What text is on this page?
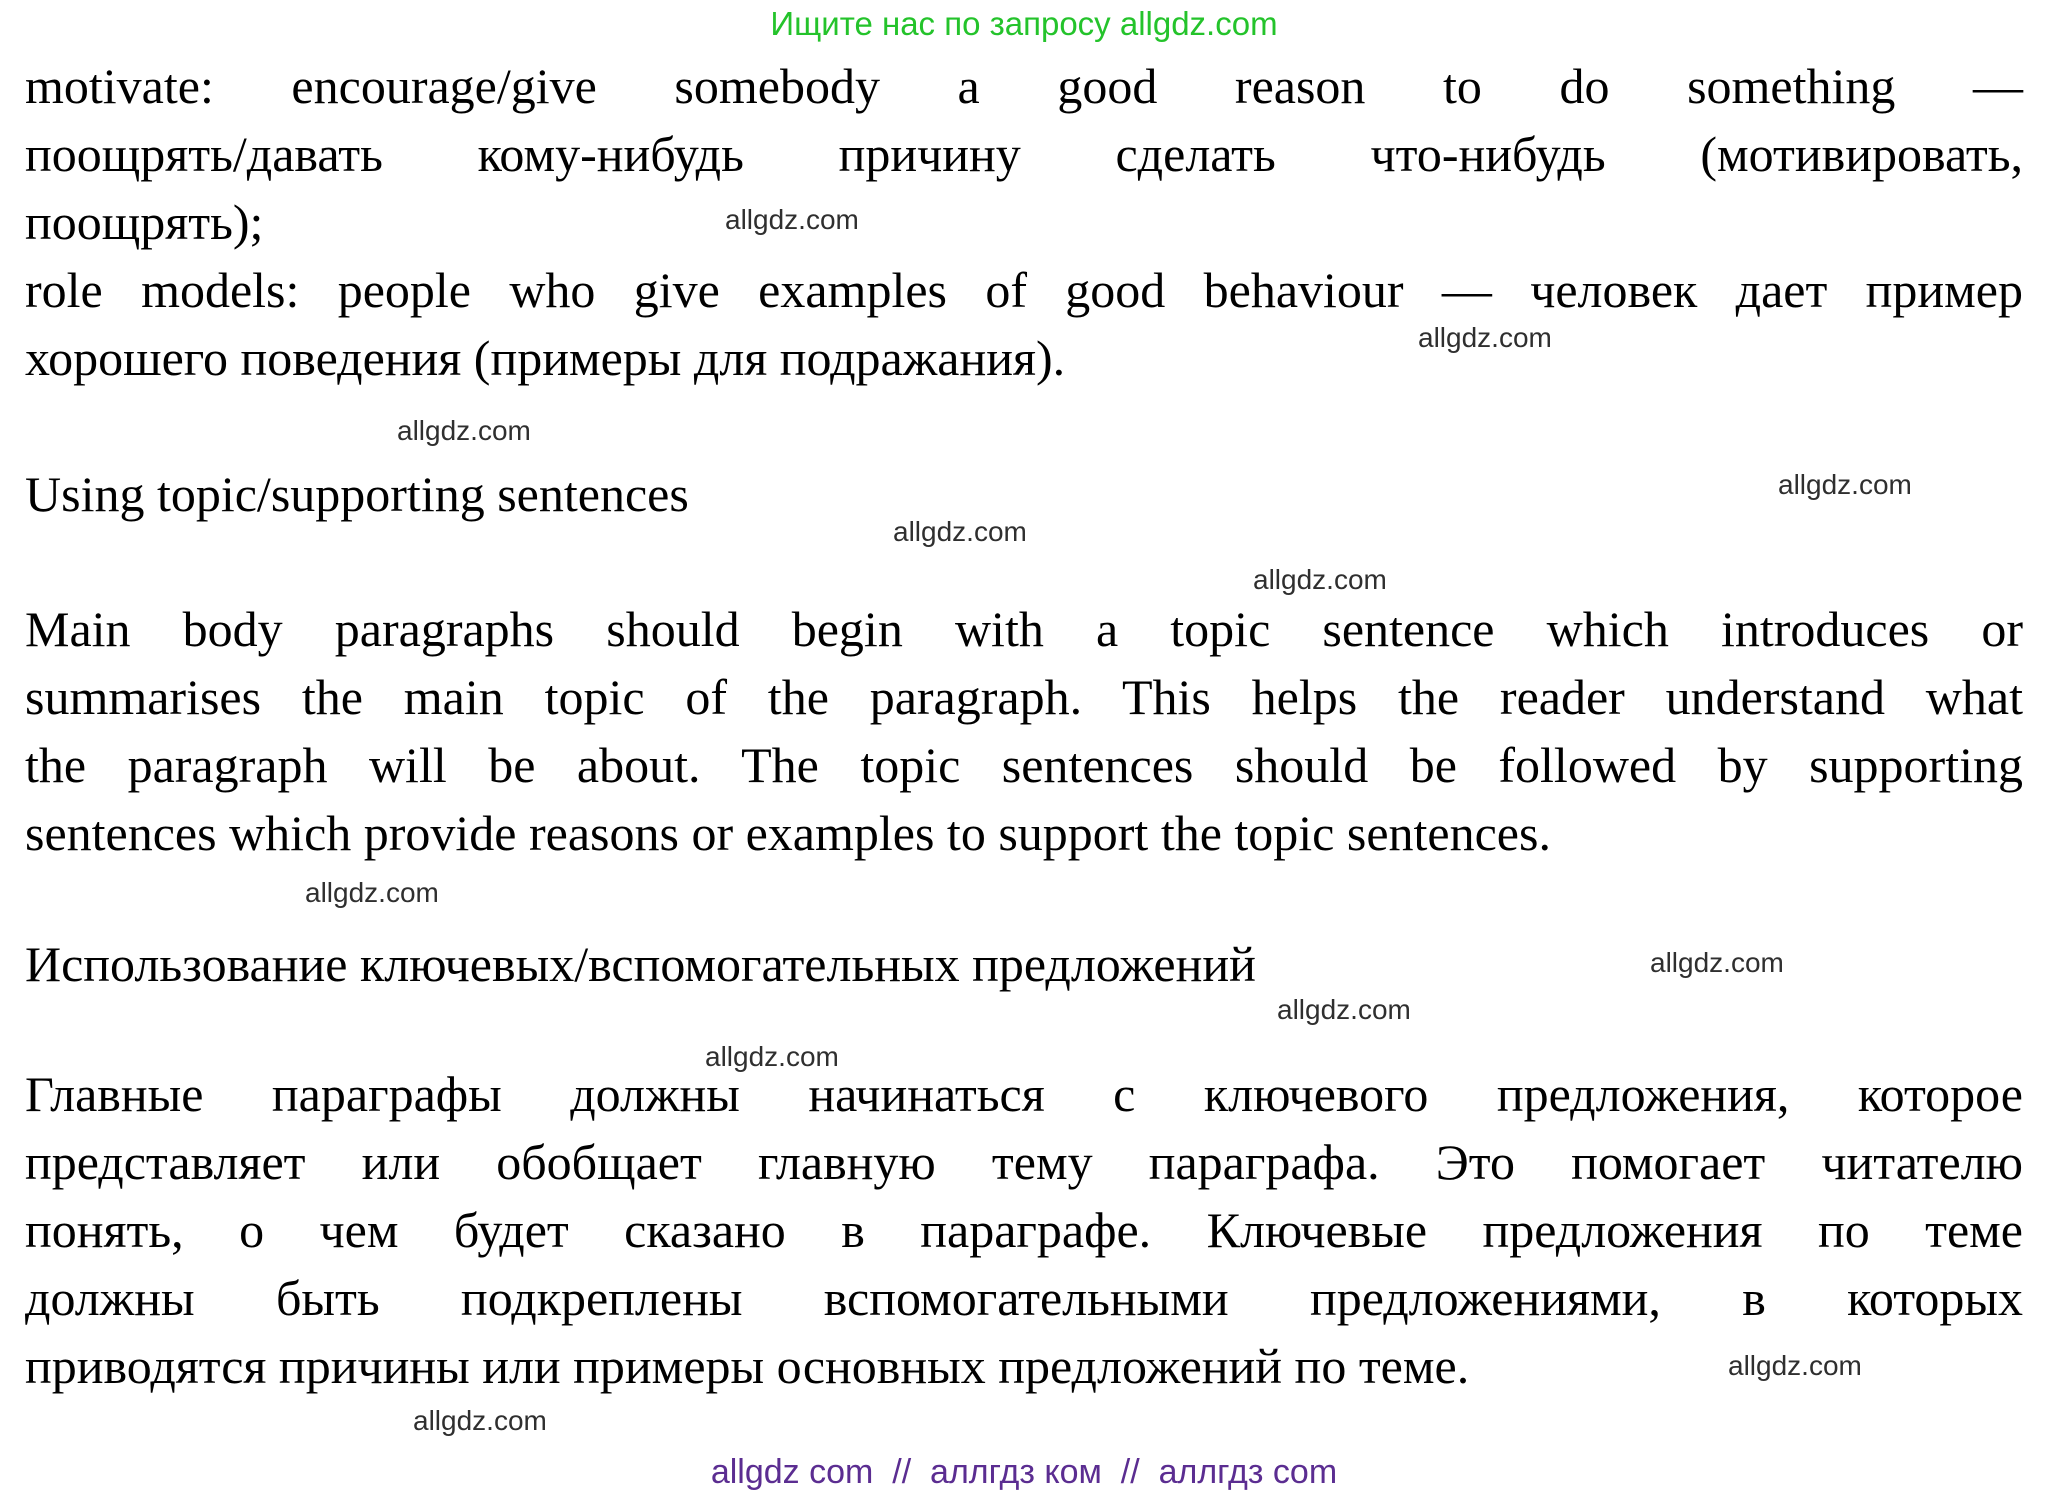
Ищите нас по запросу allgdz.com
motivate: encourage/give somebody a good reason to do something —
поощрять/давать кому-нибудь причину сделать что-нибудь (мотивировать,
поощрять);
role models: people who give examples of good behaviour — человек дает пример
хорошего поведения (примеры для подражания).
Using topic/supporting sentences
Main body paragraphs should begin with a topic sentence which introduces or
summarises the main topic of the paragraph. This helps the reader understand what
the paragraph will be about. The topic sentences should be followed by supporting
sentences which provide reasons or examples to support the topic sentences.
Использование ключевых/вспомогательных предложений
Главные параграфы должны начинаться с ключевого предложения, которое
представляет или обобщает главную тему параграфа. Это помогает читателю
понять, о чем будет сказано в параграфе. Ключевые предложения по теме
должны быть подкреплены вспомогательными предложениями, в которых
приводятся причины или примеры основных предложений по теме.
allgdz.com
allgdz.com
allgdz.com
allgdz.com
allgdz.com
allgdz.com
allgdz.com
allgdz.com
allgdz.com
allgdz.com
allgdz.com
allgdz.com
allgdz com  //  аллгдз ком  //  аллгдз com
